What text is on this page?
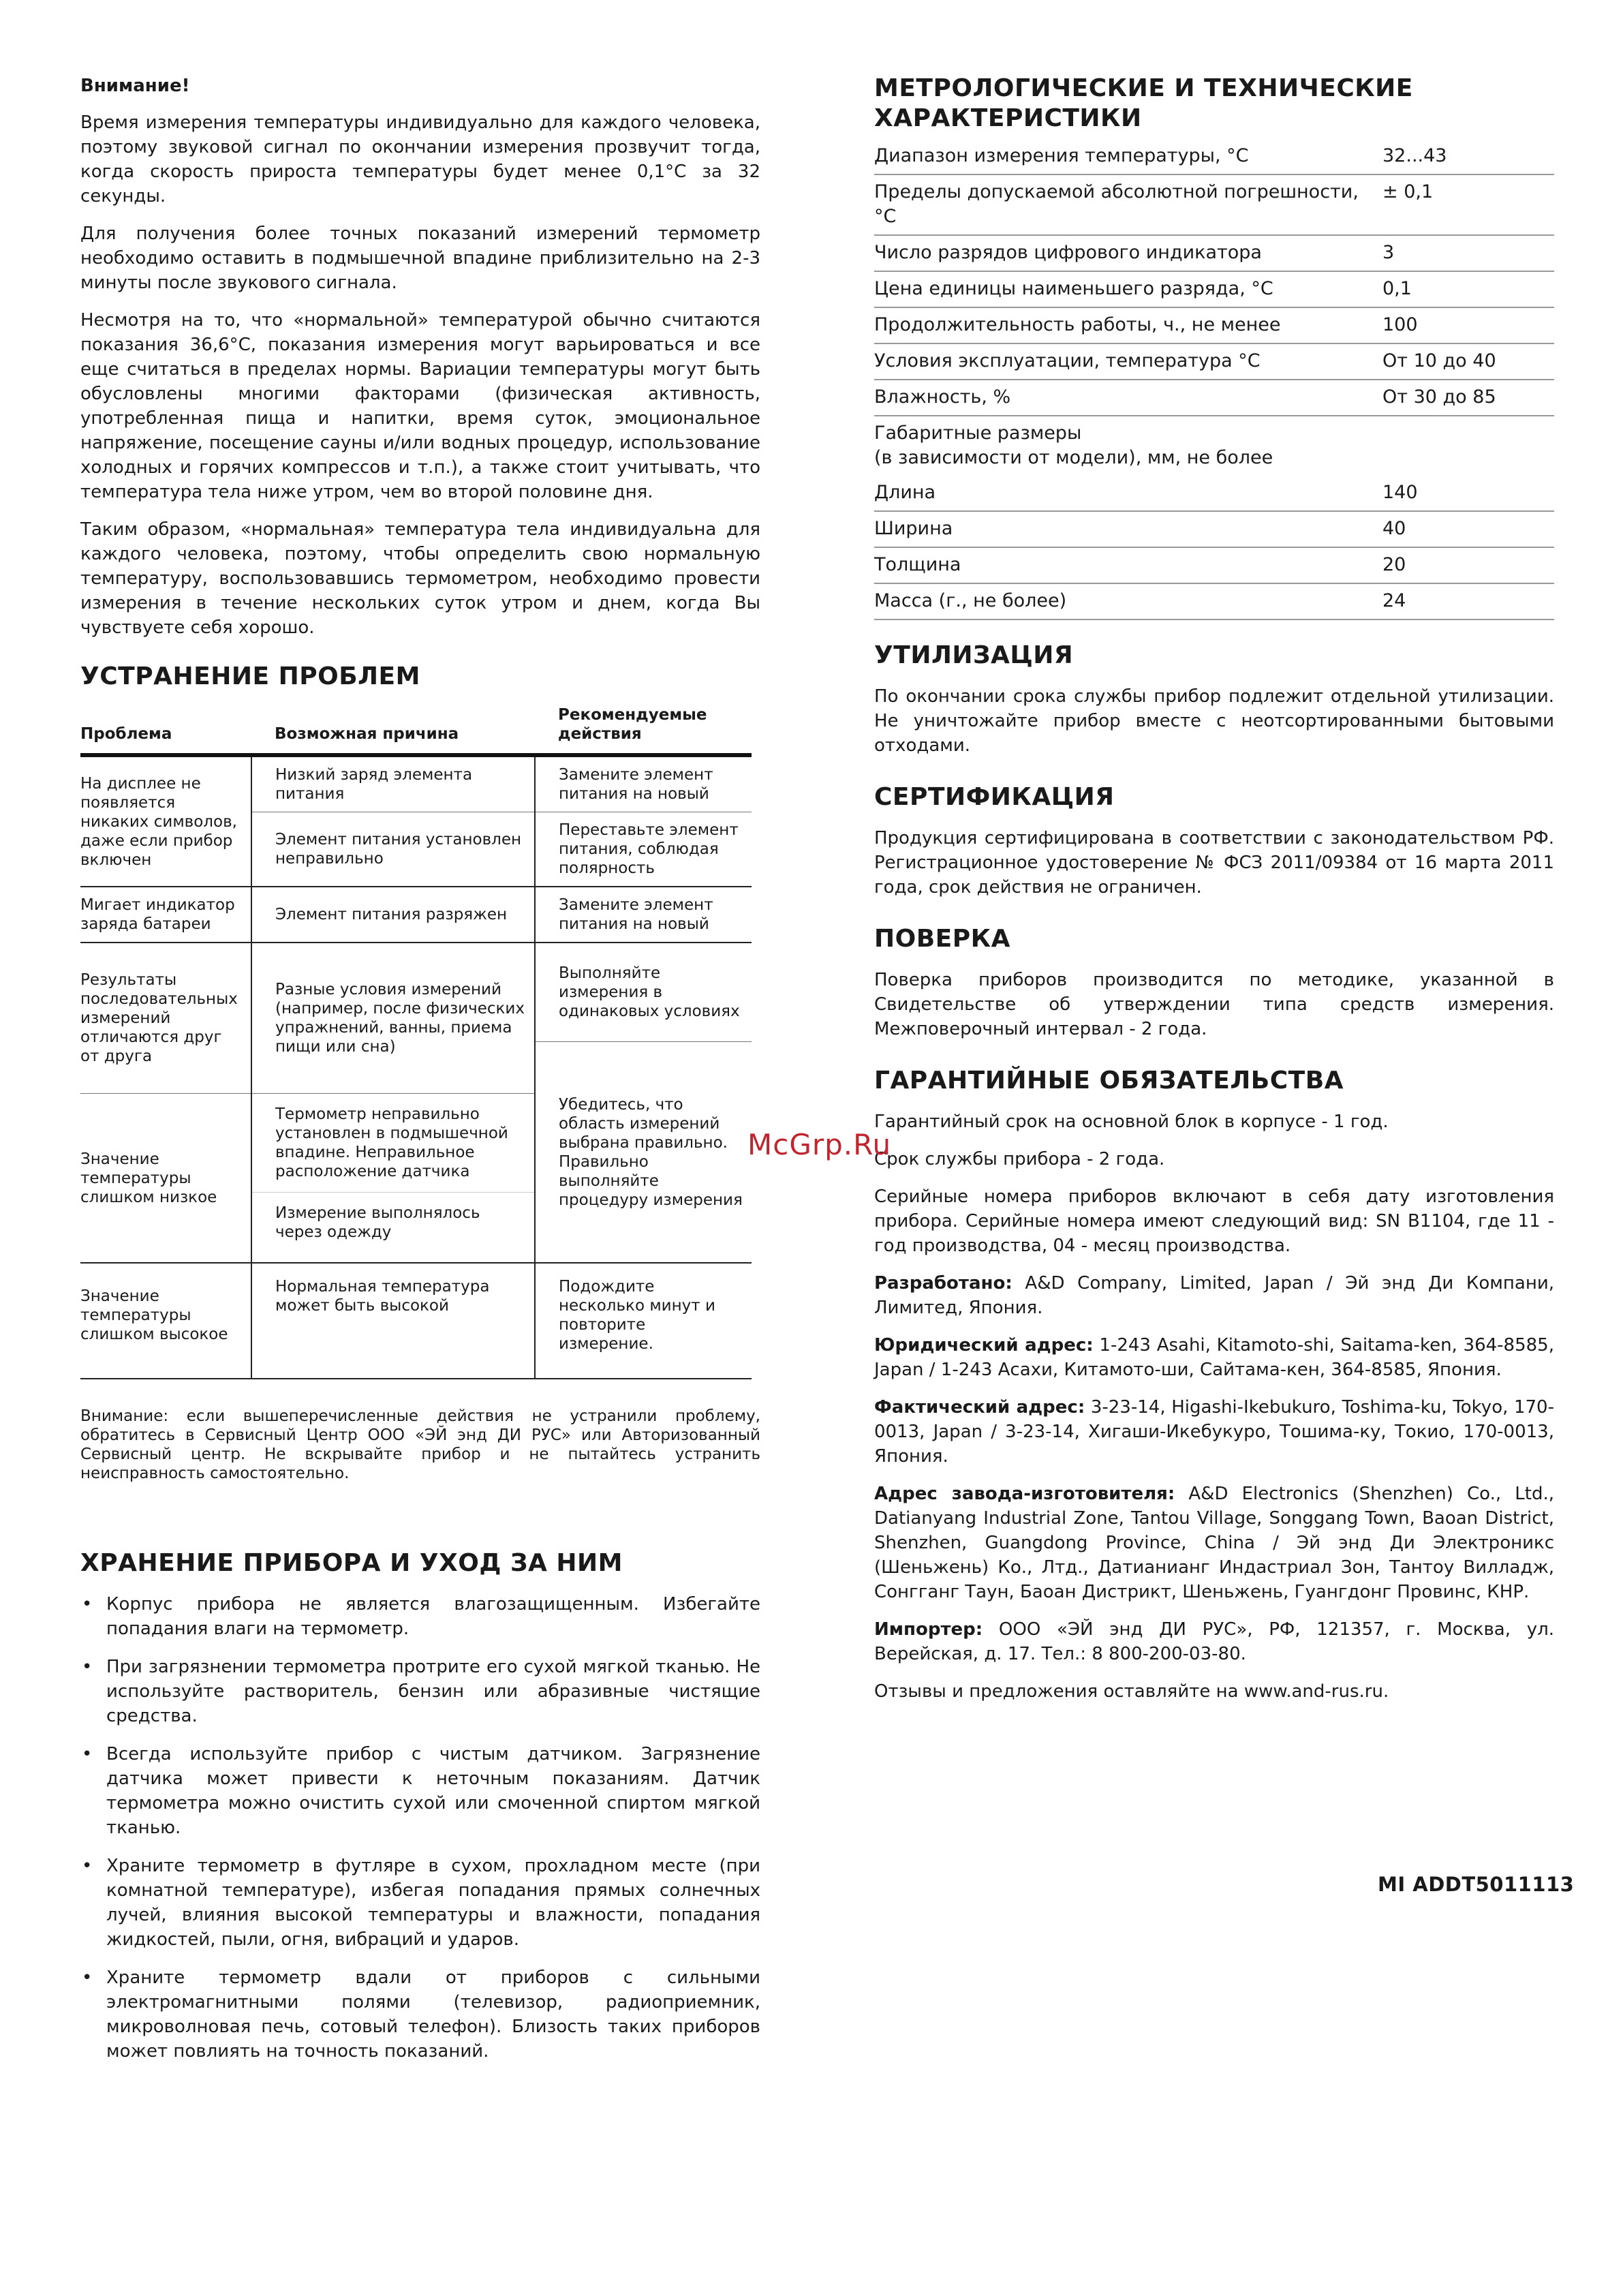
Внимание!

Время измерения температуры индивидуально для каждого человека, поэтому звуковой сигнал по окончании измерения прозвучит тогда, когда скорость прироста температуры будет менее 0,1°C за 32 секунды.

Для получения более точных показаний измерений термометр необходимо оставить в подмышечной впадине приблизительно на 2-3 минуты после звукового сигнала.

Несмотря на то, что «нормальной» температурой обычно считаются показания 36,6°C, показания измерения могут варьироваться и все еще считаться в пределах нормы. Вариации температуры могут быть обусловлены многими факторами (физическая активность, употребленная пища и напитки, время суток, эмоциональное напряжение, посещение сауны и/или водных процедур, использование холодных и горячих компрессов и т.п.), а также стоит учитывать, что температура тела ниже утром, чем во второй половине дня.

Таким образом, «нормальная» температура тела индивидуальна для каждого человека, поэтому, чтобы определить свою нормальную температуру, воспользовавшись термометром, необходимо провести измерения в течение нескольких суток утром и днем, когда Вы чувствуете себя хорошо.

УСТРАНЕНИЕ ПРОБЛЕМ
Проблема	Возможная причина	Рекомендуемые действия
На дисплее не появляется никаких символов, даже если прибор включен	Низкий заряд элемента питания	Замените элемент питания на новый
	Элемент питания установлен неправильно	Переставьте элемент питания, соблюдая полярность
Мигает индикатор заряда батареи	Элемент питания разряжен	Замените элемент питания на новый
Результаты последовательных измерений отличаются друг от друга	Разные условия измерений (например, после физических упражнений, ванны, приема пищи или сна)	Выполняйте измерения в одинаковых условиях
		Убедитесь, что область измерений выбрана правильно. Правильно выполняйте процедуру измерения
Значение температуры слишком низкое	Термометр неправильно установлен в подмышечной впадине. Неправильное расположение датчика	
	Измерение выполнялось через одежду	
Значение температуры слишком высокое	Нормальная температура может быть высокой	Подождите несколько минут и повторите измерение.
Внимание: если вышеперечисленные действия не устранили проблему, обратитесь в Сервисный Центр ООО «ЭЙ энд ДИ РУС» или Авторизованный Сервисный центр. Не вскрывайте прибор и не пытайтесь устранить неисправность самостоятельно.
ХРАНЕНИЕ ПРИБОРА И УХОД ЗА НИМ
• Корпус прибора не является влагозащищенным. Избегайте попадания влаги на термометр.
• При загрязнении термометра протрите его сухой мягкой тканью. Не используйте растворитель, бензин или абразивные чистящие средства.
• Всегда используйте прибор с чистым датчиком. Загрязнение датчика может привести к неточным показаниям. Датчик термометра можно очистить сухой или смоченной спиртом мягкой тканью.
• Храните термометр в футляре в сухом, прохладном месте (при комнатной температуре), избегая попадания прямых солнечных лучей, влияния высокой температуры и влажности, попадания жидкостей, пыли, огня, вибраций и ударов.
• Храните термометр вдали от приборов с сильными электромагнитными полями (телевизор, радиоприемник, микроволновая печь, сотовый телефон). Близость таких приборов может повлиять на точность показаний.
МЕТРОЛОГИЧЕСКИЕ И ТЕХНИЧЕСКИЕ ХАРАКТЕРИСТИКИ
Диапазон измерения температуры, °C	32...43
Пределы допускаемой абсолютной погрешности, °C	± 0,1
Число разрядов цифрового индикатора	3
Цена единицы наименьшего разряда, °C	0,1
Продолжительность работы, ч., не менее	100
Условия эксплуатации, температура °C	От 10 до 40
Влажность, %	От 30 до 85
Габаритные размеры
(в зависимости от модели), мм, не более	
Длина	140
Ширина	40
Толщина	20
Масса (г., не более)	24
УТИЛИЗАЦИЯ

По окончании срока службы прибор подлежит отдельной утилизации. Не уничтожайте прибор вместе с неотсортированными бытовыми отходами.

СЕРТИФИКАЦИЯ

Продукция сертифицирована в соответствии с законодательством РФ. Регистрационное удостоверение № ФСЗ 2011/09384 от 16 марта 2011 года, срок действия не ограничен.

ПОВЕРКА

Поверка приборов производится по методике, указанной в Свидетельстве об утверждении типа средств измерения. Межповерочный интервал - 2 года.

ГАРАНТИЙНЫЕ ОБЯЗАТЕЛЬСТВА

Гарантийный срок на основной блок в корпусе - 1 год.

Срок службы прибора - 2 года.

Серийные номера приборов включают в себя дату изготовления прибора. Серийные номера имеют следующий вид: SN B1104, где 11 - год производства, 04 - месяц производства.

Разработано: A&D Company, Limited, Japan / Эй энд Ди Компани, Лимитед, Япония.

Юридический адрес: 1-243 Asahi, Kitamoto-shi, Saitama-ken, 364-8585, Japan / 1-243 Асахи, Китамото-ши, Сайтама-кен, 364-8585, Япония.

Фактический адрес: 3-23-14, Higashi-Ikebukuro, Toshima-ku, Tokyo, 170-0013, Japan / 3-23-14, Хигаши-Икебукуро, Тошима-ку, Токио, 170-0013, Япония.

Адрес завода-изготовителя: A&D Electronics (Shenzhen) Co., Ltd., Datianyang Industrial Zone, Tantou Village, Songgang Town, Baoan District, Shenzhen, Guangdong Province, China / Эй энд Ди Электроникс (Шеньжень) Ко., Лтд., Датианианг Индастриал Зон, Тантоу Вилладж, Сонгганг Таун, Баоан Дистрикт, Шеньжень, Гуангдонг Провинс, КНР.

Импортер: ООО «ЭЙ энд ДИ РУС», РФ, 121357, г. Москва, ул. Верейская, д. 17. Тел.: 8 800-200-03-80.

Отзывы и предложения оставляйте на www.and-rus.ru.

McGrp.Ru
MI ADDT5011113
